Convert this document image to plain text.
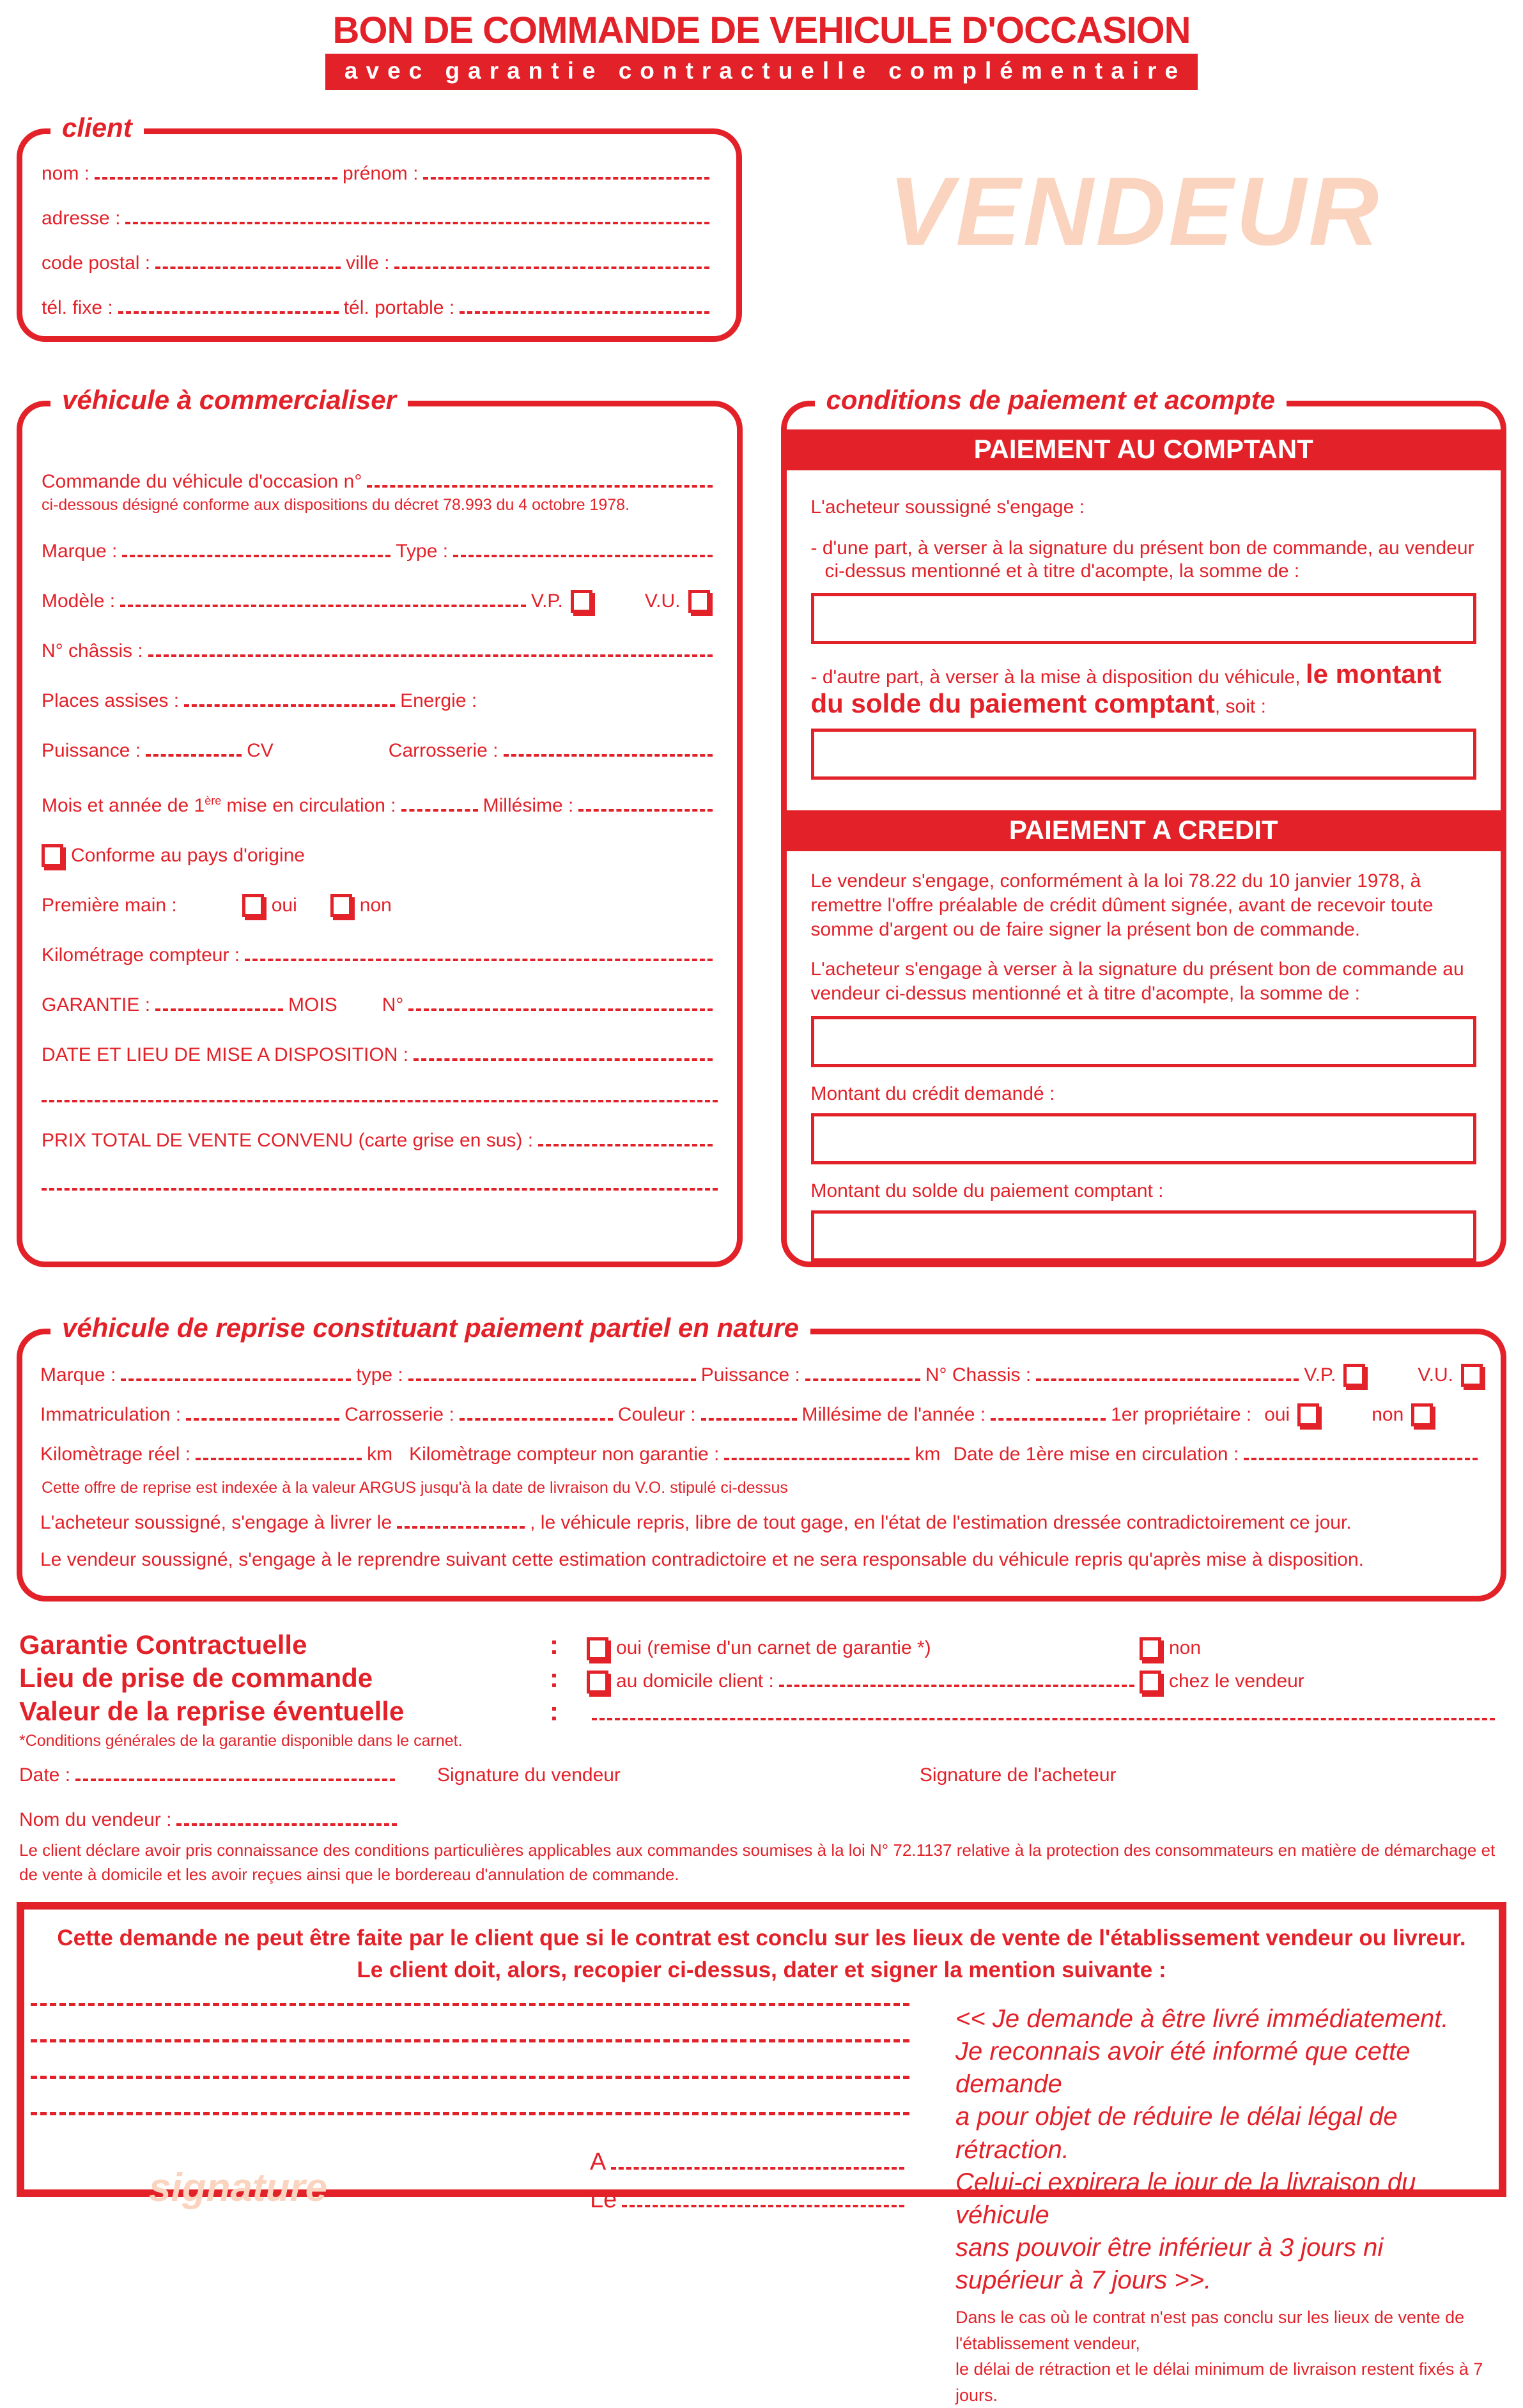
BON DE COMMANDE DE VEHICULE D'OCCASION
avec garantie contractuelle complémentaire
VENDEUR
client
nom :	prénom :
adresse :
code postal :	ville :
tél. fixe :	tél. portable :
véhicule à commercialiser
Commande du véhicule d'occasion n°
ci-dessous désigné conforme aux dispositions du décret 78.993 du 4 octobre 1978.
Marque :	Type :
Modèle :	V.P.	V.U.
N° châssis :
Places assises :	Energie :
Puissance :	CV	Carrosserie :
Mois et année de 1ère mise en circulation :	Millésime :
Conforme au pays d'origine
Première main :	oui	non
Kilométrage compteur :
GARANTIE :	MOIS N°
DATE ET LIEU DE MISE A DISPOSITION :
PRIX TOTAL DE VENTE CONVENU (carte grise en sus) :
conditions de paiement et acompte
PAIEMENT AU COMPTANT
L'acheteur soussigné s'engage :
- d'une part, à verser à la signature du présent bon de commande, au vendeur
ci-dessus mentionné et à titre d'acompte, la somme de :
- d'autre part, à verser à la mise à disposition du véhicule, le montant du solde du paiement comptant, soit :
PAIEMENT A CREDIT
Le vendeur s'engage, conformément à la loi 78.22 du 10 janvier 1978, à remettre l'offre préalable de crédit dûment signée, avant de recevoir toute somme d'argent ou de faire signer la présent bon de commande.
L'acheteur s'engage à verser à la signature du présent bon de commande au vendeur ci-dessus mentionné et à titre d'acompte, la somme de :
Montant du crédit demandé :
Montant du solde du paiement comptant :
véhicule de reprise constituant paiement partiel en nature
Marque :	type :	Puissance :	N° Chassis :	V.P.	V.U.
Immatriculation :	Carrosserie :	Couleur :	Millésime de l'année :	1er propriétaire : oui	non
Kilomètrage réel :	km Kilomètrage compteur non garantie :	km Date de 1ère mise en circulation :
Cette offre de reprise est indexée à la valeur ARGUS jusqu'à la date de livraison du V.O. stipulé ci-dessus
L'acheteur soussigné, s'engage à livrer le	, le véhicule repris, libre de tout gage, en l'état de l'estimation dressée contradictoirement ce jour.
Le vendeur soussigné, s'engage à le reprendre suivant cette estimation contradictoire et ne sera responsable du véhicule repris qu'après mise à disposition.
Garantie Contractuelle	:	oui (remise d'un carnet de garantie *)	non
Lieu de prise de commande	:	au domicile client :	chez le vendeur
Valeur de la reprise éventuelle	:
*Conditions générales de la garantie disponible dans le carnet.
Date :	Signature du vendeur	Signature de l'acheteur
Nom du vendeur :
Le client déclare avoir pris connaissance des conditions particulières applicables aux commandes soumises à la loi N° 72.1137 relative à la protection des consommateurs en matière de démarchage et de vente à domicile et les avoir reçues ainsi que le bordereau d'annulation de commande.
Cette demande ne peut être faite par le client que si le contrat est conclu sur les lieux de vente de l'établissement vendeur ou livreur.
Le client doit, alors, recopier ci-dessus, dater et signer la mention suivante :
signature
A
Le
<< Je demande à être livré immédiatement.
Je reconnais avoir été informé que cette demande
a pour objet de réduire le délai légal de rétraction.
Celui-ci expirera le jour de la livraison du véhicule
sans pouvoir être inférieur à 3 jours ni supérieur à 7 jours >>.
Dans le cas où le contrat n'est pas conclu sur les lieux de vente de l'établissement vendeur,
le délai de rétraction et le délai minimum de livraison restent fixés à 7 jours.
